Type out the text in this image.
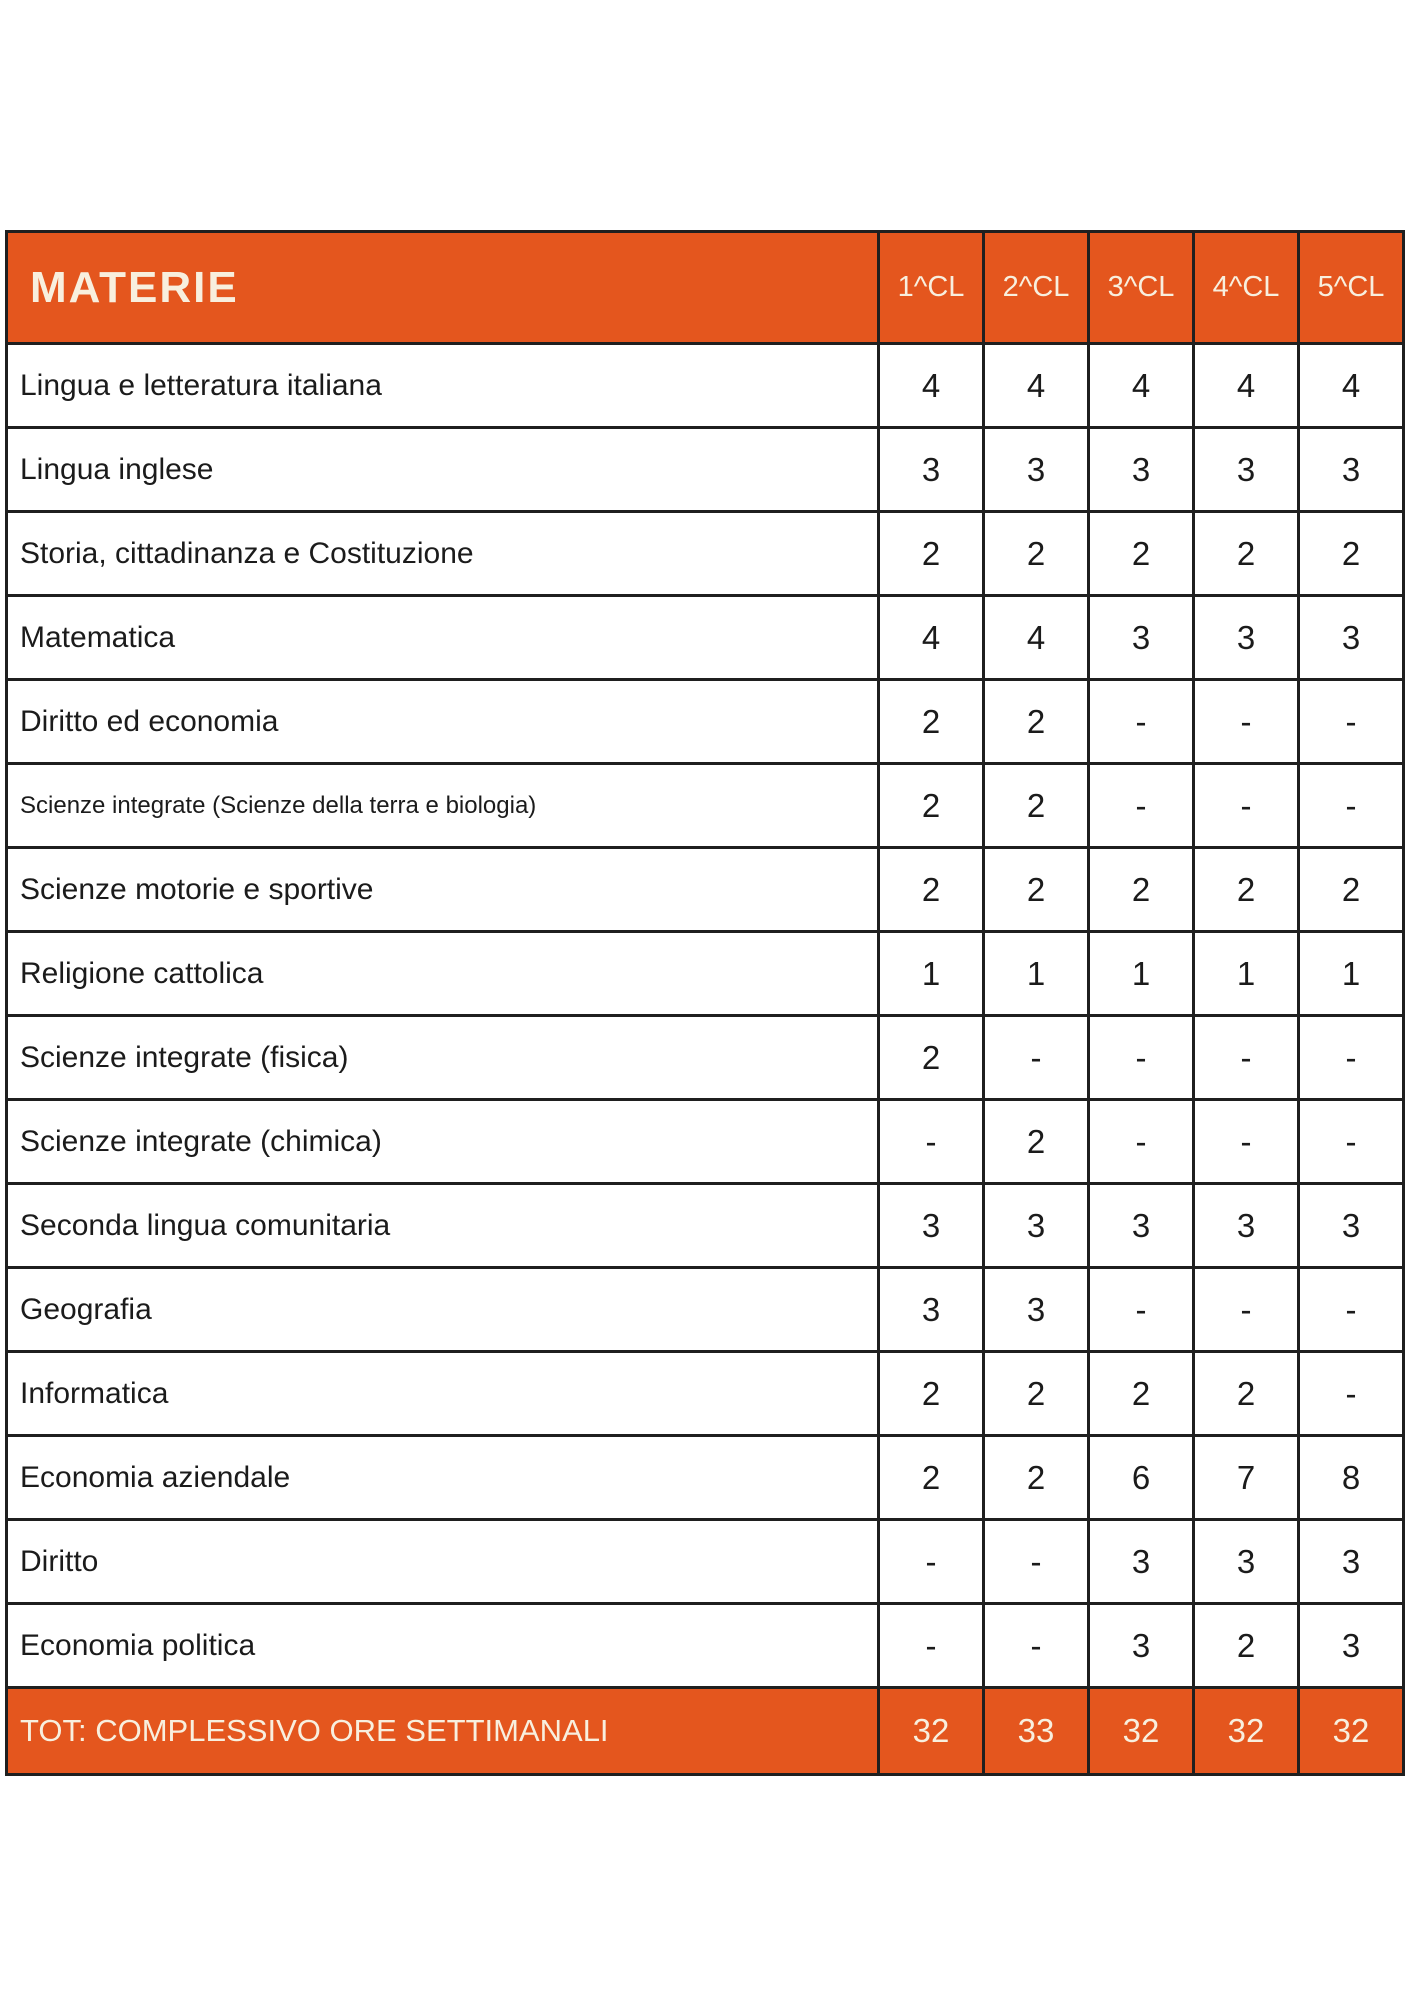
MATERIE	1^CL	2^CL	3^CL	4^CL	5^CL
Lingua e letteratura italiana	4	4	4	4	4
Lingua inglese	3	3	3	3	3
Storia, cittadinanza e Costituzione	2	2	2	2	2
Matematica	4	4	3	3	3
Diritto ed economia	2	2	-	-	-
Scienze integrate (Scienze della terra e biologia)	2	2	-	-	-
Scienze motorie e sportive	2	2	2	2	2
Religione cattolica	1	1	1	1	1
Scienze integrate (fisica)	2	-	-	-	-
Scienze integrate (chimica)	-	2	-	-	-
Seconda lingua comunitaria	3	3	3	3	3
Geografia	3	3	-	-	-
Informatica	2	2	2	2	-
Economia aziendale	2	2	6	7	8
Diritto	-	-	3	3	3
Economia politica	-	-	3	2	3
TOT: COMPLESSIVO ORE SETTIMANALI	32	33	32	32	32
